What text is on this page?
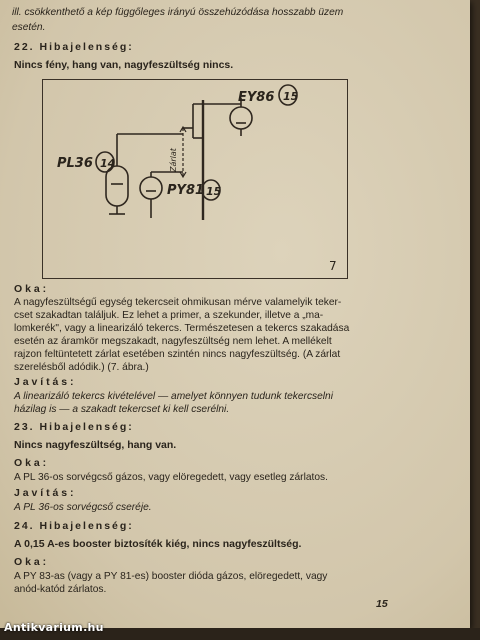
ill. csökkenthető a kép függőleges irányú összehúzódása hosszabb üzem
esetén.
22. Hibajelenség:
Nincs fény, hang van, nagyfeszültség nincs.
EY86 15
PL36 14
PY81 15
Zárlat
7
O k a :
A nagyfeszültségű egység tekercseit ohmikusan mérve valamelyik teker-
cset szakadtan találjuk. Ez lehet a primer, a szekunder, illetve a „ma-
lomkerék", vagy a linearizáló tekercs. Természetesen a tekercs szakadása
esetén az áramkör megszakadt, nagyfeszültség nem lehet. A mellékelt
rajzon feltüntetett zárlat esetében szintén nincs nagyfeszültség. (A zárlat
szerelésből adódik.) (7. ábra.)
J a v í t á s :
A linearizáló tekercs kivételével — amelyet könnyen tudunk tekercselni
házilag is — a szakadt tekercset ki kell cserélni.
23. Hibajelenség:
Nincs nagyfeszültség, hang van.
O k a :
A PL 36-os sorvégcső gázos, vagy elöregedett, vagy esetleg zárlatos.
J a v í t á s :
A PL 36-os sorvégcső cseréje.
24. Hibajelenség:
A 0,15 A-es booster biztosíték kiég, nincs nagyfeszültség.
O k a :
A PY 83-as (vagy a PY 81-es) booster dióda gázos, elöregedett, vagy
anód-katód zárlatos.
15
Antikvarium.hu
